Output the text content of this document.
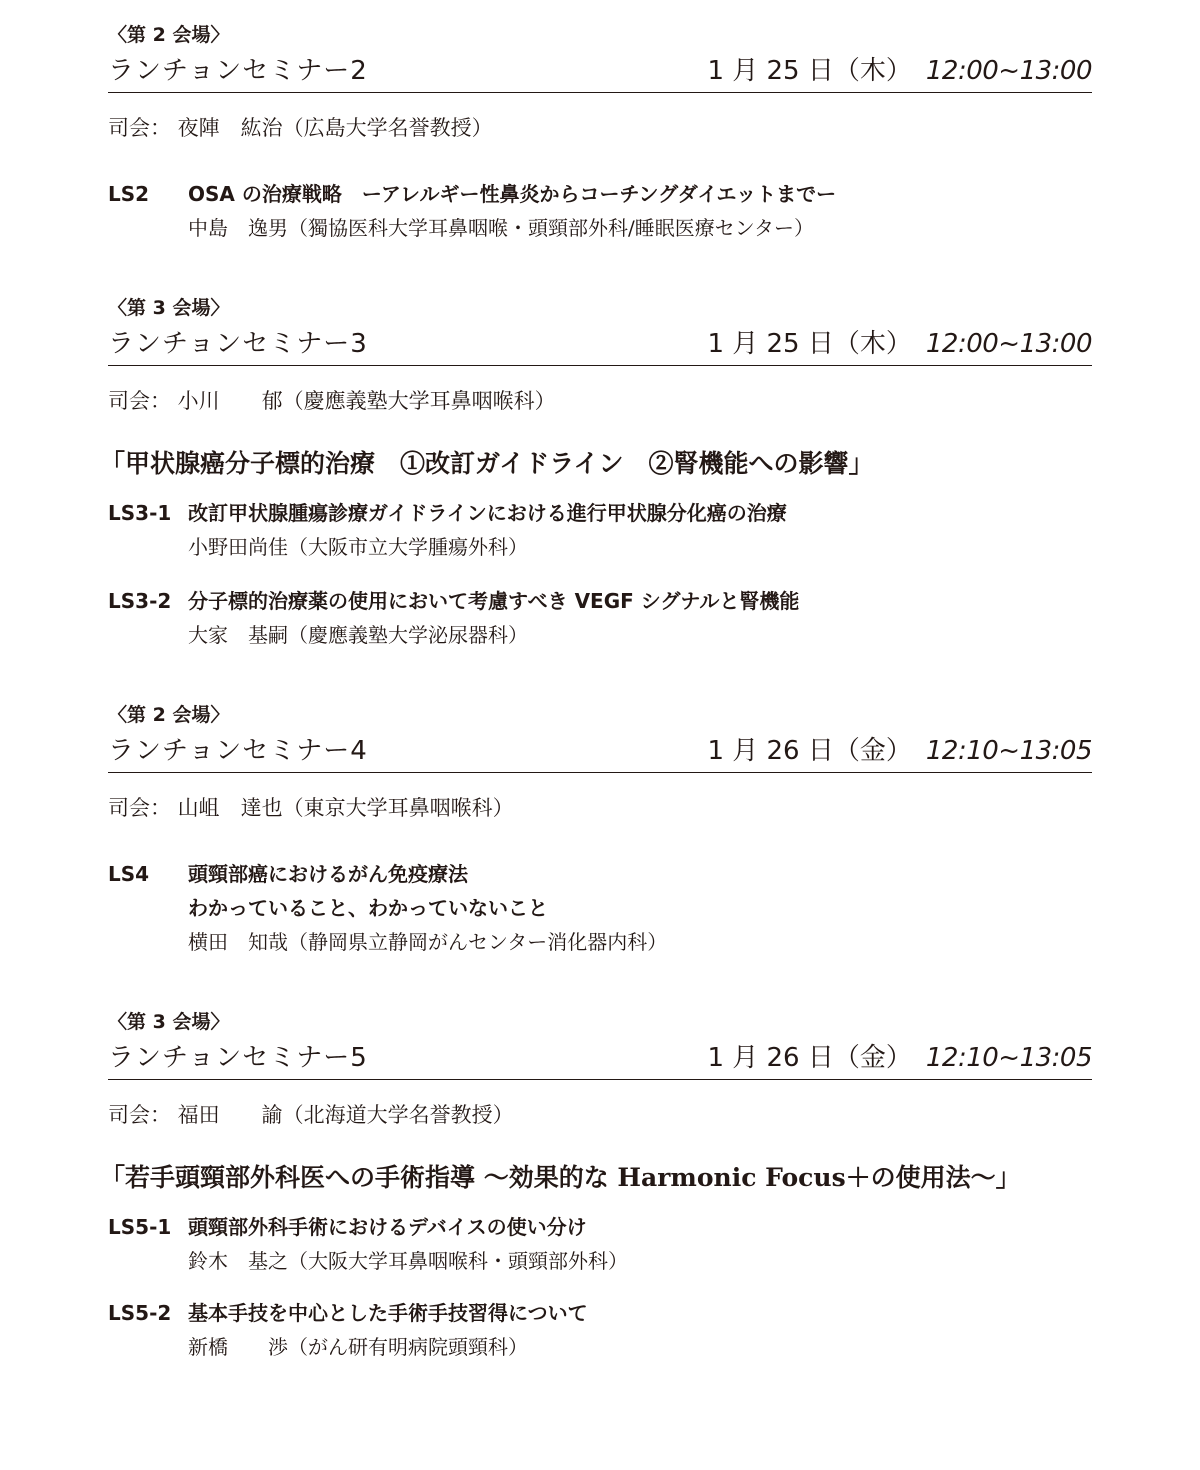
〈第 2 会場〉
ランチョンセミナー2	1 月 25 日（木） 12:00~13:00
司会： 夜陣　紘治（広島大学名誉教授）
LS2 OSA の治療戦略　ーアレルギー性鼻炎からコーチングダイエットまでー
中島　逸男（獨協医科大学耳鼻咽喉・頭頸部外科/睡眠医療センター）
〈第 3 会場〉
ランチョンセミナー3	1 月 25 日（木） 12:00~13:00
司会： 小川　　郁（慶應義塾大学耳鼻咽喉科）
「甲状腺癌分子標的治療　①改訂ガイドライン　②腎機能への影響」
LS3-1 改訂甲状腺腫瘍診療ガイドラインにおける進行甲状腺分化癌の治療
小野田尚佳（大阪市立大学腫瘍外科）
LS3-2 分子標的治療薬の使用において考慮すべき VEGF シグナルと腎機能
大家　基嗣（慶應義塾大学泌尿器科）
〈第 2 会場〉
ランチョンセミナー4	1 月 26 日（金） 12:10~13:05
司会： 山岨　達也（東京大学耳鼻咽喉科）
LS4 頭頸部癌におけるがん免疫療法
わかっていること、わかっていないこと
横田　知哉（静岡県立静岡がんセンター消化器内科）
〈第 3 会場〉
ランチョンセミナー5	1 月 26 日（金） 12:10~13:05
司会： 福田　　諭（北海道大学名誉教授）
「若手頭頸部外科医への手術指導 ～効果的な Harmonic Focus＋の使用法～」
LS5-1 頭頸部外科手術におけるデバイスの使い分け
鈴木　基之（大阪大学耳鼻咽喉科・頭頸部外科）
LS5-2 基本手技を中心とした手術手技習得について
新橋　　渉（がん研有明病院頭頸科）
